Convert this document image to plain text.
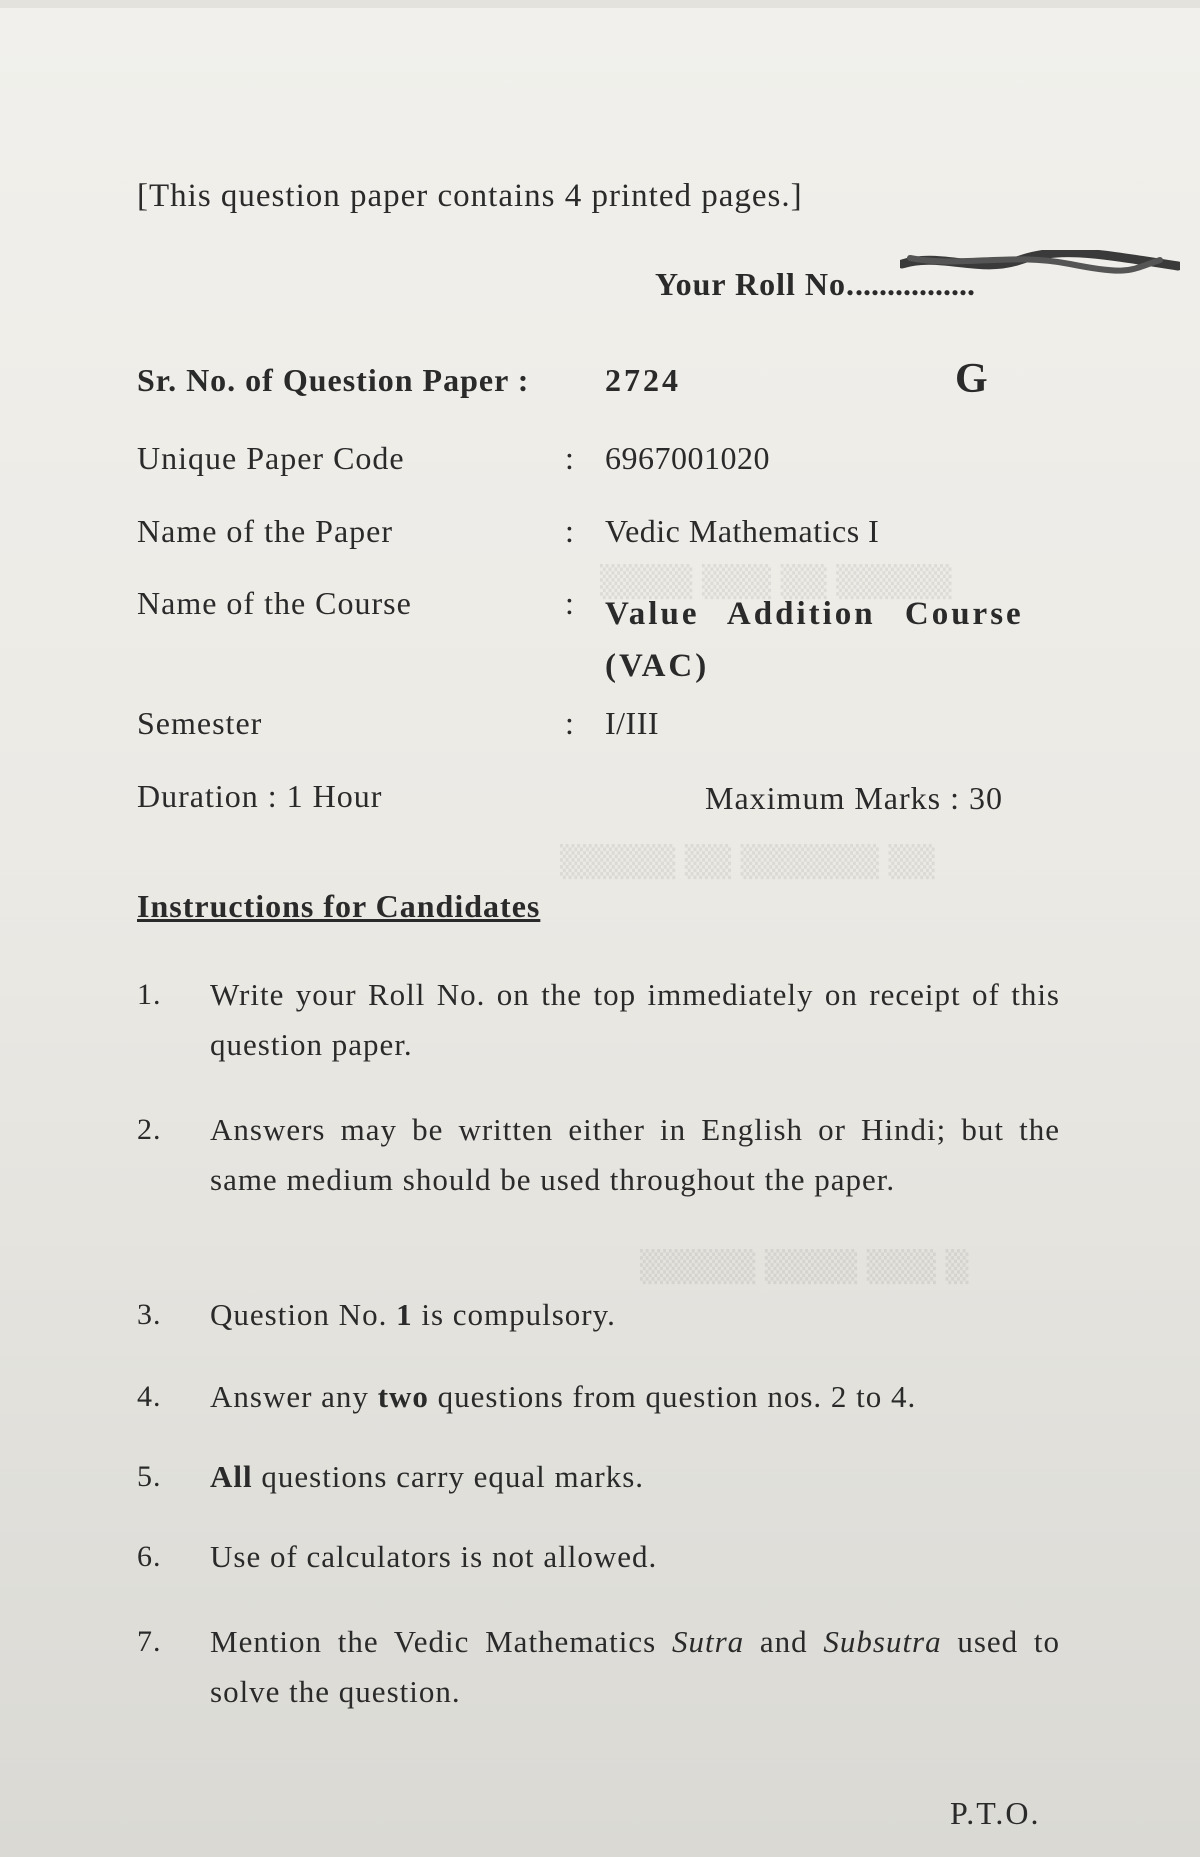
▒▒▒▒ ▒▒▒ ▒▒ ▒▒▒▒▒
▒▒▒▒▒ ▒▒ ▒▒▒▒▒▒ ▒▒
▒▒▒▒▒ ▒▒▒▒ ▒▒▒ ▒
[This question paper contains 4 printed pages.]
Your Roll No................
Sr. No. of Question Paper : 2724	G
Unique Paper Code	: 6967001020
Name of the Paper	: Vedic Mathematics I
Name of the Course	: Value Addition Course (VAC)
Semester	: I/III
Duration : 1 Hour	Maximum Marks : 30
Instructions for Candidates
1. Write your Roll No. on the top immediately on receipt of this question paper.
2. Answers may be written either in English or Hindi; but the same medium should be used throughout the paper.
3. Question No. 1 is compulsory.
4. Answer any two questions from question nos. 2 to 4.
5. All questions carry equal marks.
6. Use of calculators is not allowed.
7. Mention the Vedic Mathematics Sutra and Subsutra used to solve the question.
P.T.O.
